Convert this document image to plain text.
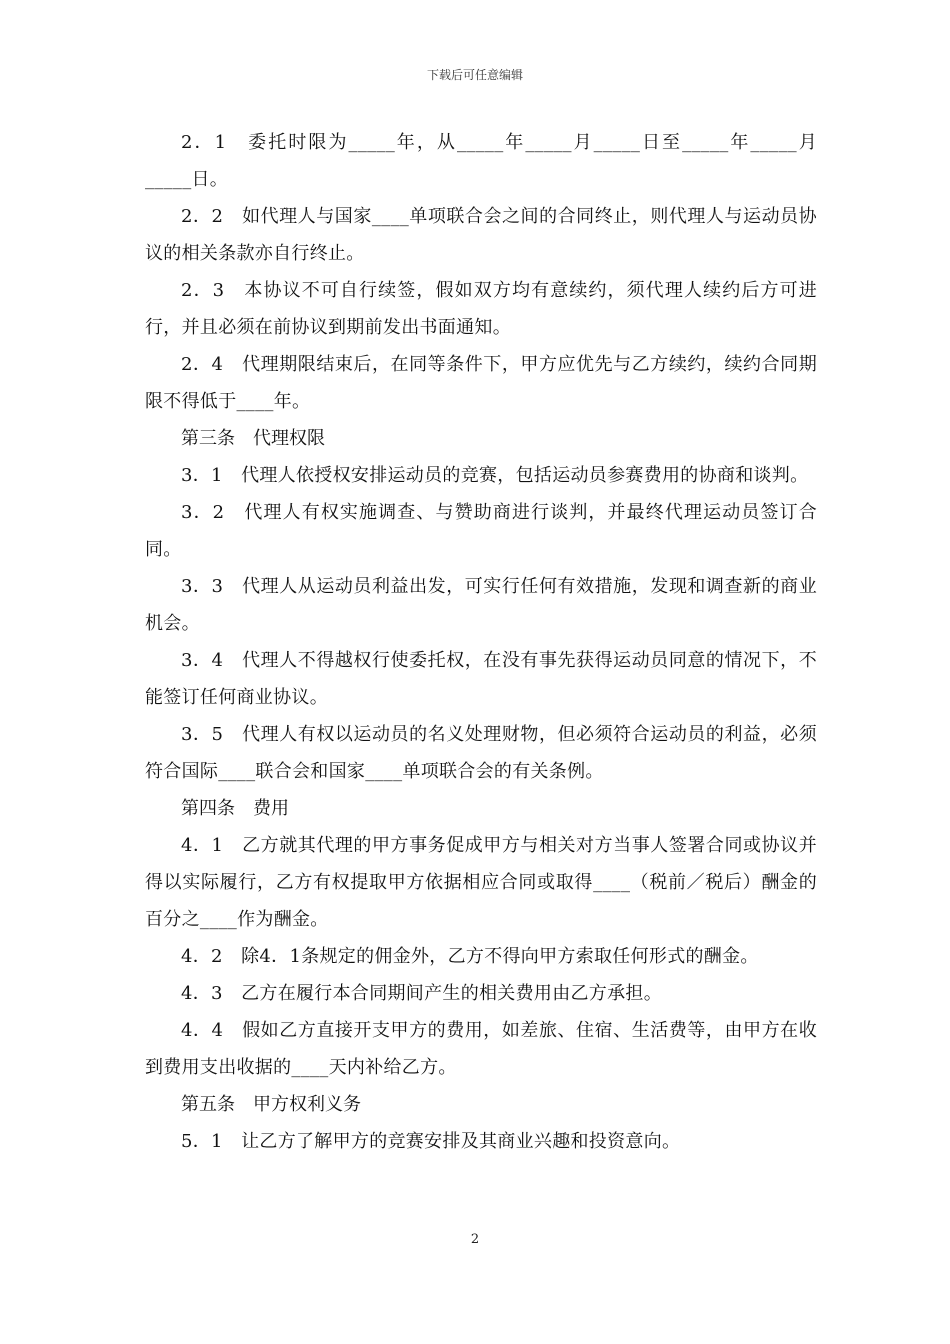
下载后可任意编辑

2．1　委托时限为_____年，从_____年_____月_____日至_____年_____月_____日。

2．2　如代理人与国家____单项联合会之间的合同终止，则代理人与运动员协议的相关条款亦自行终止。

2．3　本协议不可自行续签，假如双方均有意续约，须代理人续约后方可进行，并且必须在前协议到期前发出书面通知。

2．4　代理期限结束后，在同等条件下，甲方应优先与乙方续约，续约合同期限不得低于____年。

第三条　代理权限

3．1　代理人依授权安排运动员的竞赛，包括运动员参赛费用的协商和谈判。

3．2　代理人有权实施调查、与赞助商进行谈判，并最终代理运动员签订合同。

3．3　代理人从运动员利益出发，可实行任何有效措施，发现和调查新的商业机会。

3．4　代理人不得越权行使委托权，在没有事先获得运动员同意的情况下，不能签订任何商业协议。

3．5　代理人有权以运动员的名义处理财物，但必须符合运动员的利益，必须符合国际____联合会和国家____单项联合会的有关条例。

第四条　费用

4．1　乙方就其代理的甲方事务促成甲方与相关对方当事人签署合同或协议并得以实际履行，乙方有权提取甲方依据相应合同或取得____（税前／税后）酬金的百分之____作为酬金。

4．2　除4．1条规定的佣金外，乙方不得向甲方索取任何形式的酬金。

4．3　乙方在履行本合同期间产生的相关费用由乙方承担。

4．4　假如乙方直接开支甲方的费用，如差旅、住宿、生活费等，由甲方在收到费用支出收据的____天内补给乙方。

第五条　甲方权利义务

5．1　让乙方了解甲方的竞赛安排及其商业兴趣和投资意向。

2
